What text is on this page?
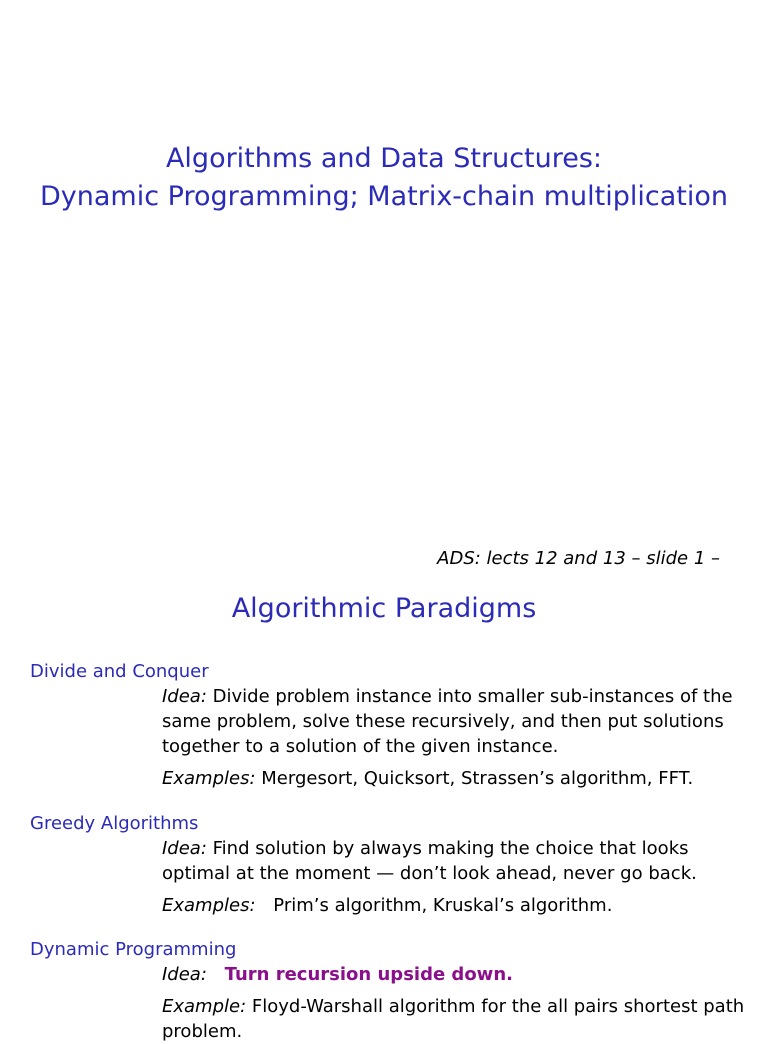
Algorithms and Data Structures:
Dynamic Programming; Matrix-chain multiplication
ADS: lects 12 and 13 – slide 1 –
Algorithmic Paradigms
Divide and Conquer

Idea: Divide problem instance into smaller sub-instances of the same problem, solve these recursively, and then put solutions together to a solution of the given instance.

Examples: Mergesort, Quicksort, Strassen’s algorithm, FFT.

Greedy Algorithms

Idea: Find solution by always making the choice that looks optimal at the moment — don’t look ahead, never go back.

Examples: Prim’s algorithm, Kruskal’s algorithm.

Dynamic Programming

Idea: Turn recursion upside down.

Example: Floyd-Warshall algorithm for the all pairs shortest path problem.
